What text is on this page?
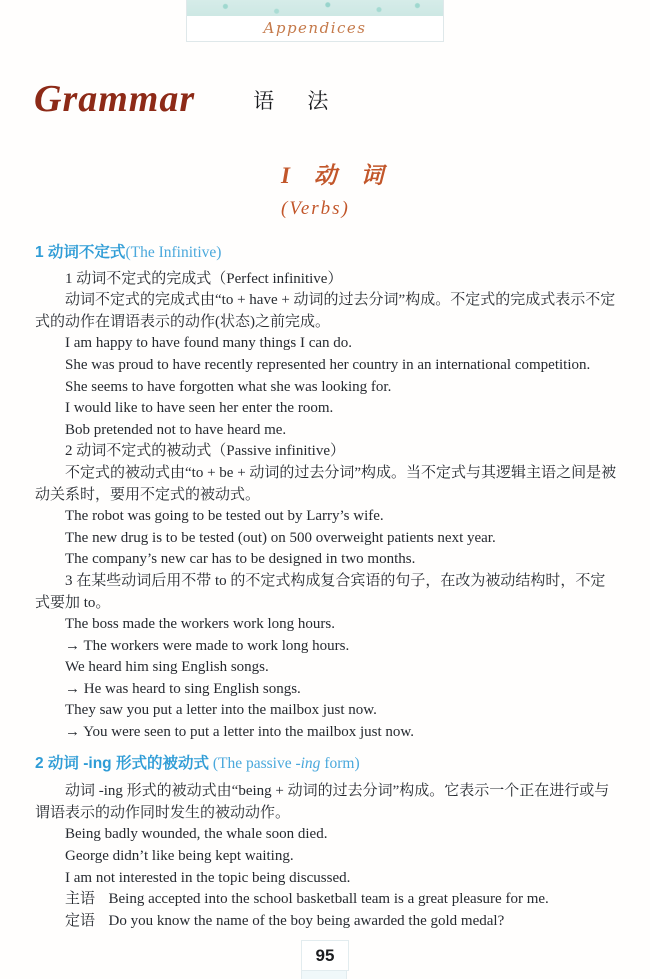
Appendices
Grammar	语 法
I 动 词
(Verbs)
1 动词不定式(The Infinitive)
1 动词不定式的完成式（Perfect infinitive）
动词不定式的完成式由“to + have + 动词的过去分词”构成。不定式的完成式表示不定式的动作在谓语表示的动作(状态)之前完成。
I am happy to have found many things I can do.
She was proud to have recently represented her country in an international competition.
She seems to have forgotten what she was looking for.
I would like to have seen her enter the room.
Bob pretended not to have heard me.
2 动词不定式的被动式（Passive infinitive）
不定式的被动式由“to + be + 动词的过去分词”构成。当不定式与其逻辑主语之间是被动关系时，要用不定式的被动式。
The robot was going to be tested out by Larry’s wife.
The new drug is to be tested (out) on 500 overweight patients next year.
The company’s new car has to be designed in two months.
3 在某些动词后用不带 to 的不定式构成复合宾语的句子，在改为被动结构时，不定式要加 to。
The boss made the workers work long hours.
→ The workers were made to work long hours.
We heard him sing English songs.
→ He was heard to sing English songs.
They saw you put a letter into the mailbox just now.
→ You were seen to put a letter into the mailbox just now.
2 动词 -ing 形式的被动式 (The passive -ing form)
动词 -ing 形式的被动式由“being + 动词的过去分词”构成。它表示一个正在进行或与谓语表示的动作同时发生的被动动作。
Being badly wounded, the whale soon died.
George didn’t like being kept waiting.
I am not interested in the topic being discussed.
主语 Being accepted into the school basketball team is a great pleasure for me.
定语 Do you know the name of the boy being awarded the gold medal?
95
